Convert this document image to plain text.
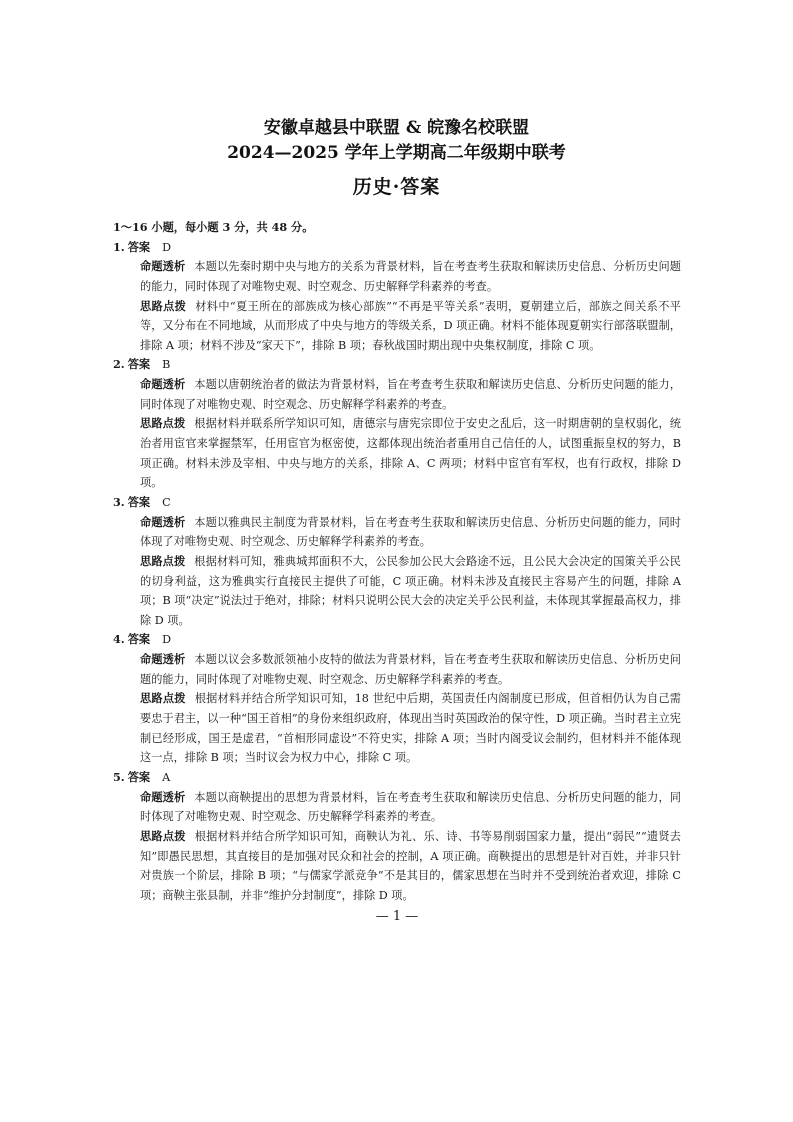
安徽卓越县中联盟 & 皖豫名校联盟
2024—2025 学年上学期高二年级期中联考
历史·答案

1～16 小题，每小题 3 分，共 48 分。

1. 答案 D

命题透析 本题以先秦时期中央与地方的关系为背景材料，旨在考查考生获取和解读历史信息、分析历史问题的能力，同时体现了对唯物史观、时空观念、历史解释学科素养的考查。

思路点拨 材料中“夏王所在的部族成为核心部族”“不再是平等关系”表明，夏朝建立后，部族之间关系不平等，又分布在不同地域，从而形成了中央与地方的等级关系，D 项正确。材料不能体现夏朝实行部落联盟制，排除 A 项；材料不涉及“家天下”，排除 B 项；春秋战国时期出现中央集权制度，排除 C 项。

2. 答案 B

命题透析 本题以唐朝统治者的做法为背景材料，旨在考查考生获取和解读历史信息、分析历史问题的能力，同时体现了对唯物史观、时空观念、历史解释学科素养的考查。

思路点拨 根据材料并联系所学知识可知，唐德宗与唐宪宗即位于安史之乱后，这一时期唐朝的皇权弱化，统治者用宦官来掌握禁军，任用宦官为枢密使，这都体现出统治者重用自己信任的人，试图重振皇权的努力，B 项正确。材料未涉及宰相、中央与地方的关系，排除 A、C 两项；材料中宦官有军权，也有行政权，排除 D 项。

3. 答案 C

命题透析 本题以雅典民主制度为背景材料，旨在考查考生获取和解读历史信息、分析历史问题的能力，同时体现了对唯物史观、时空观念、历史解释学科素养的考查。

思路点拨 根据材料可知，雅典城邦面积不大，公民参加公民大会路途不远，且公民大会决定的国策关乎公民的切身利益，这为雅典实行直接民主提供了可能，C 项正确。材料未涉及直接民主容易产生的问题，排除 A 项；B 项“决定”说法过于绝对，排除；材料只说明公民大会的决定关乎公民利益，未体现其掌握最高权力，排除 D 项。

4. 答案 D

命题透析 本题以议会多数派领袖小皮特的做法为背景材料，旨在考查考生获取和解读历史信息、分析历史问题的能力，同时体现了对唯物史观、时空观念、历史解释学科素养的考查。

思路点拨 根据材料并结合所学知识可知，18 世纪中后期，英国责任内阁制度已形成，但首相仍认为自己需要忠于君主，以一种“国王首相”的身份来组织政府，体现出当时英国政治的保守性，D 项正确。当时君主立宪制已经形成，国王是虚君，“首相形同虚设”不符史实，排除 A 项；当时内阁受议会制约，但材料并不能体现这一点，排除 B 项；当时议会为权力中心，排除 C 项。

5. 答案 A

命题透析 本题以商鞅提出的思想为背景材料，旨在考查考生获取和解读历史信息、分析历史问题的能力，同时体现了对唯物史观、时空观念、历史解释学科素养的考查。

思路点拨 根据材料并结合所学知识可知，商鞅认为礼、乐、诗、书等易削弱国家力量，提出“弱民”“遗贤去知”即愚民思想，其直接目的是加强对民众和社会的控制，A 项正确。商鞅提出的思想是针对百姓，并非只针对贵族一个阶层，排除 B 项；“与儒家学派竞争”不是其目的，儒家思想在当时并不受到统治者欢迎，排除 C 项；商鞅主张县制，并非“维护分封制度”，排除 D 项。

— 1 —
